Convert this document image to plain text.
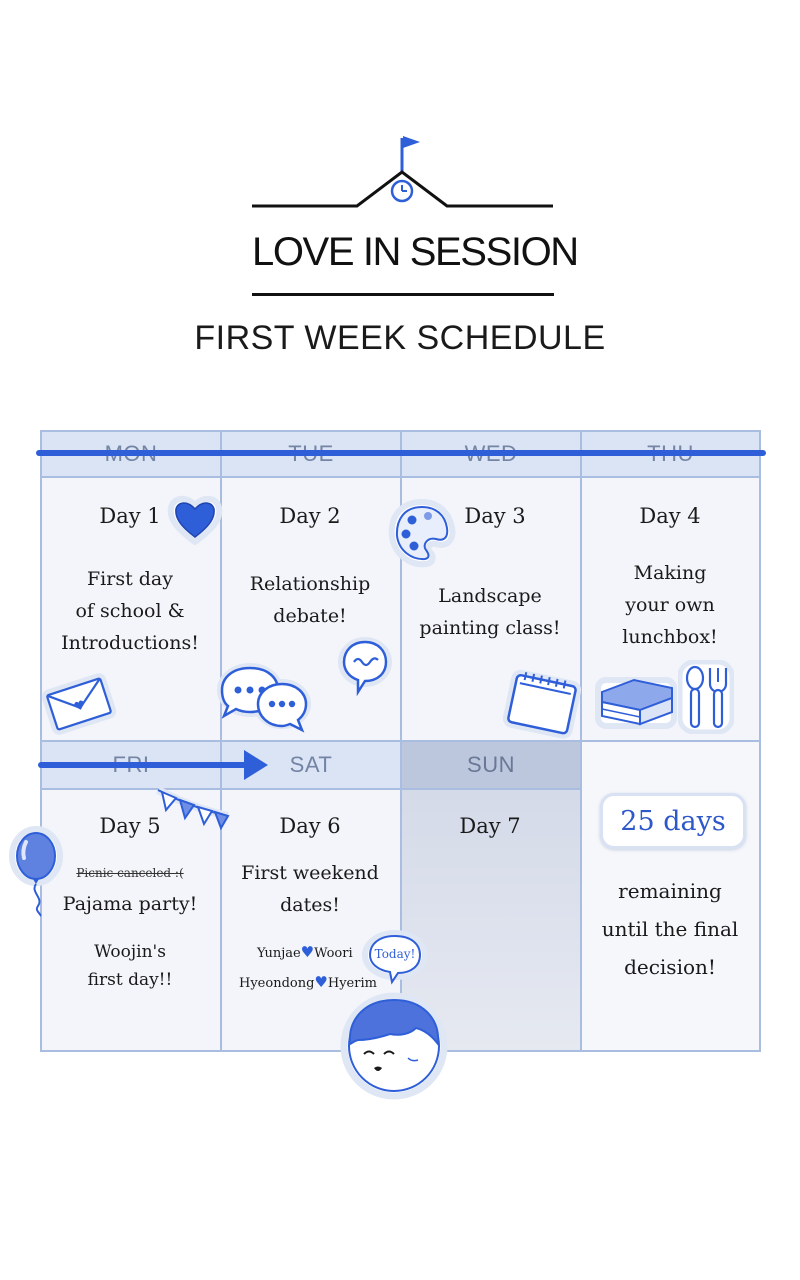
LOVE IN SESSION
FIRST WEEK SCHEDULE
SAT	SUN
Day 1
First day
of school &
Introductions!
Day 2
Relationship
debate!
Day 3
Landscape
painting class!
Day 4
Making
your own
lunchbox!
Day 5
Picnic canceled :(
Pajama party!
Woojin's
first day!!
Day 6
First weekend
dates!
Yunjae♥Woori
Hyeondong♥Hyerim
Day 7	25 days
remaining
until the final
decision!
Today!
